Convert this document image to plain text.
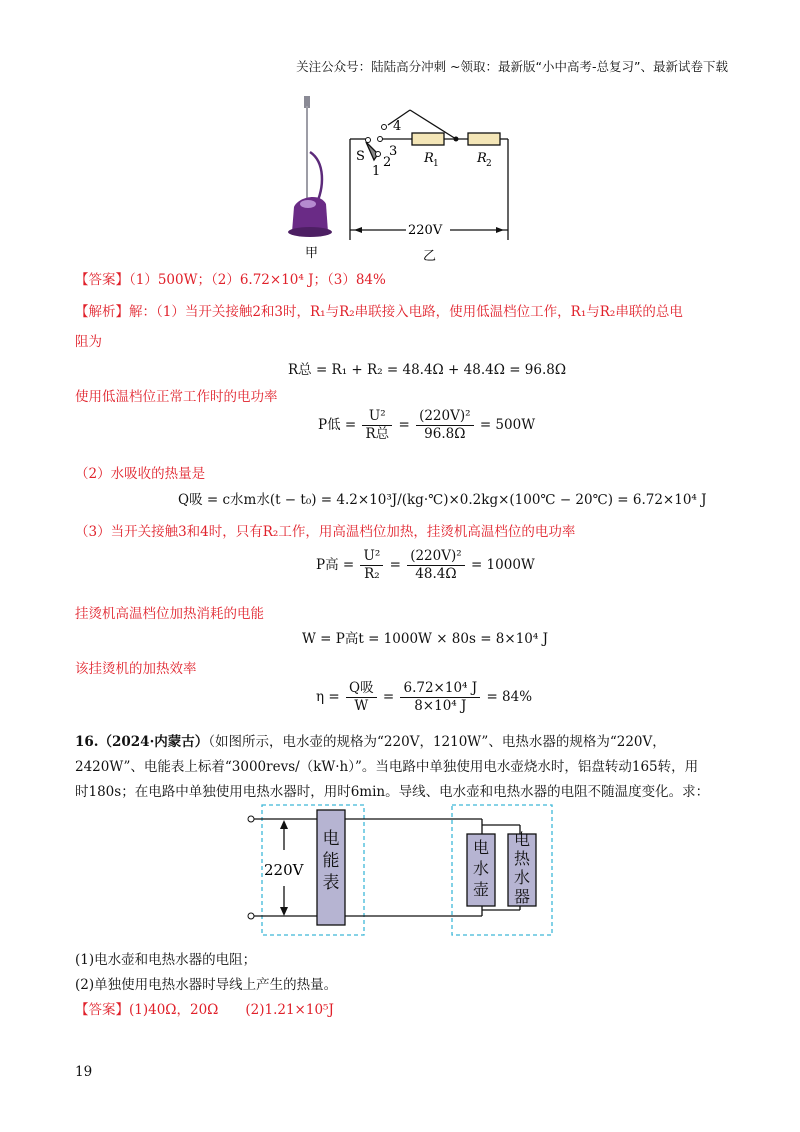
关注公众号：陆陆高分冲刺 ~领取：最新版“小中高考-总复习”、最新试卷下载
4
3
2
1
S	R 1	R 2
220V
甲	乙
【答案】（1）500W；（2）6.72×10⁴ J；（3）84%
【解析】解：（1）当开关接触2和3时，R₁与R₂串联接入电路，使用低温档位工作，R₁与R₂串联的总电
阻为
R总 = R₁ + R₂ = 48.4Ω + 48.4Ω = 96.8Ω
使用低温档位正常工作时的电功率
P低 = $\frac{\text{U²}}{\text{R总}} = \frac{\text{(220V)²}}{96.8\Omega} = 500W$
（2）水吸收的热量是
Q吸 = c水m水(t − t₀) = 4.2×10³J/(kg·℃)×0.2kg×(100℃ − 20℃) = 6.72×10⁴ J
（3）当开关接触3和4时，只有R₂工作，用高温档位加热，挂烫机高温档位的电功率
P高 = $\frac{\text{U²}}{\text{R₂}} = \frac{\text{(220V)²}}{48.4\Omega} = 1000W$
挂烫机高温档位加热消耗的电能
W = P高t = 1000W × 80s = 8×10⁴ J
该挂烫机的加热效率
$\eta = \frac{\text{Q吸}}{W} = \frac{\text{6.72×10⁴ J}}{\text{8×10⁴ J}} = 84\%$
16.（2024·内蒙古）（如图所示，电水壶的规格为“220V，1210W”、电热水器的规格为“220V，
2420W”、电能表上标着“3000revs/（kW·h）”。当电路中单独使用电水壶烧水时，铝盘转动165转，用
时180s；在电路中单独使用电热水器时，用时6min。导线、电水壶和电热水器的电阻不随温度变化。求：
220V
电能表
电水壶
电热水器
(1)电水壶和电热水器的电阻；
(2)单独使用电热水器时导线上产生的热量。
【答案】(1)40Ω，20Ω　　(2)1.21×10⁵J
19
